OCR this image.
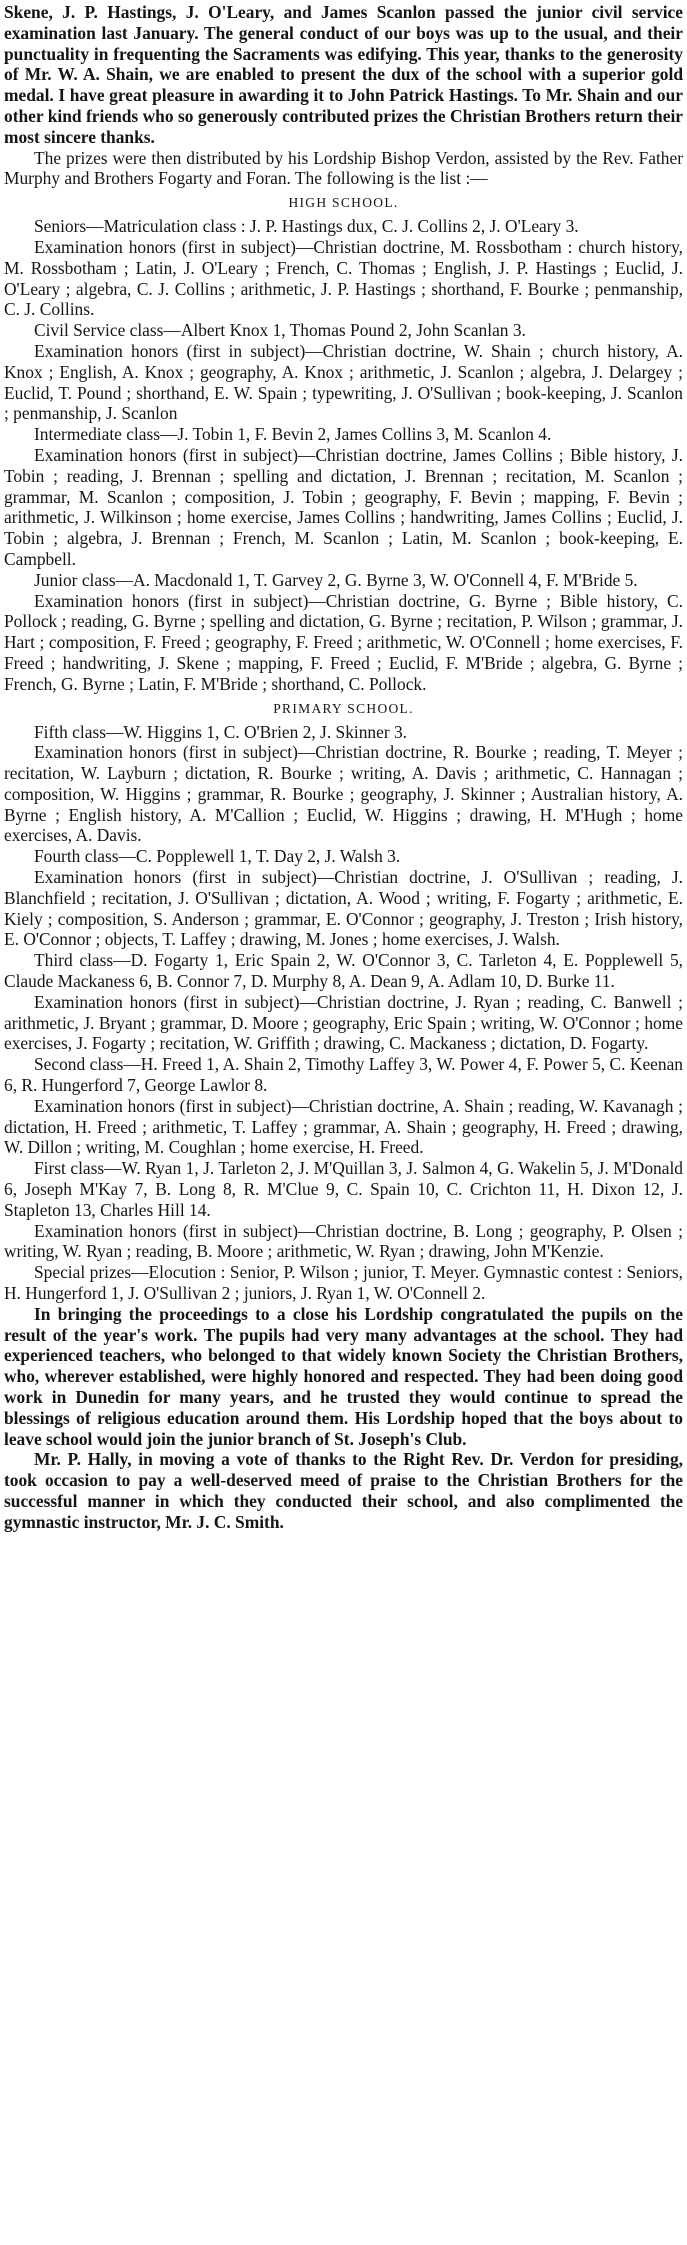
Skene, J. P. Hastings, J. O'Leary, and James Scanlon passed the junior civil service examination last January. The general conduct of our boys was up to the usual, and their punctuality in frequenting the Sacraments was edifying. This year, thanks to the generosity of Mr. W. A. Shain, we are enabled to present the dux of the school with a superior gold medal. I have great pleasure in awarding it to John Patrick Hastings. To Mr. Shain and our other kind friends who so generously contributed prizes the Christian Brothers return their most sincere thanks.

The prizes were then distributed by his Lordship Bishop Verdon, assisted by the Rev. Father Murphy and Brothers Fogarty and Foran. The following is the list :—

HIGH SCHOOL.

Seniors—Matriculation class : J. P. Hastings dux, C. J. Collins 2, J. O'Leary 3.

Examination honors (first in subject)—Christian doctrine, M. Rossbotham : church history, M. Rossbotham ; Latin, J. O'Leary ; French, C. Thomas ; English, J. P. Hastings ; Euclid, J. O'Leary ; algebra, C. J. Collins ; arithmetic, J. P. Hastings ; shorthand, F. Bourke ; penmanship, C. J. Collins.

Civil Service class—Albert Knox 1, Thomas Pound 2, John Scanlan 3.

Examination honors (first in subject)—Christian doctrine, W. Shain ; church history, A. Knox ; English, A. Knox ; geography, A. Knox ; arithmetic, J. Scanlon ; algebra, J. Delargey ; Euclid, T. Pound ; shorthand, E. W. Spain ; typewriting, J. O'Sullivan ; book-keeping, J. Scanlon ; penmanship, J. Scanlon

Intermediate class—J. Tobin 1, F. Bevin 2, James Collins 3, M. Scanlon 4.

Examination honors (first in subject)—Christian doctrine, James Collins ; Bible history, J. Tobin ; reading, J. Brennan ; spelling and dictation, J. Brennan ; recitation, M. Scanlon ; grammar, M. Scanlon ; composition, J. Tobin ; geography, F. Bevin ; mapping, F. Bevin ; arithmetic, J. Wilkinson ; home exercise, James Collins ; handwriting, James Collins ; Euclid, J. Tobin ; algebra, J. Brennan ; French, M. Scanlon ; Latin, M. Scanlon ; book-keeping, E. Campbell.

Junior class—A. Macdonald 1, T. Garvey 2, G. Byrne 3, W. O'Connell 4, F. M'Bride 5.

Examination honors (first in subject)—Christian doctrine, G. Byrne ; Bible history, C. Pollock ; reading, G. Byrne ; spelling and dictation, G. Byrne ; recitation, P. Wilson ; grammar, J. Hart ; composition, F. Freed ; geography, F. Freed ; arithmetic, W. O'Connell ; home exercises, F. Freed ; handwriting, J. Skene ; mapping, F. Freed ; Euclid, F. M'Bride ; algebra, G. Byrne ; French, G. Byrne ; Latin, F. M'Bride ; shorthand, C. Pollock.

PRIMARY SCHOOL.

Fifth class—W. Higgins 1, C. O'Brien 2, J. Skinner 3.

Examination honors (first in subject)—Christian doctrine, R. Bourke ; reading, T. Meyer ; recitation, W. Layburn ; dictation, R. Bourke ; writing, A. Davis ; arithmetic, C. Hannagan ; composition, W. Higgins ; grammar, R. Bourke ; geography, J. Skinner ; Australian history, A. Byrne ; English history, A. M'Callion ; Euclid, W. Higgins ; drawing, H. M'Hugh ; home exercises, A. Davis.

Fourth class—C. Popplewell 1, T. Day 2, J. Walsh 3.

Examination honors (first in subject)—Christian doctrine, J. O'Sullivan ; reading, J. Blanchfield ; recitation, J. O'Sullivan ; dictation, A. Wood ; writing, F. Fogarty ; arithmetic, E. Kiely ; composition, S. Anderson ; grammar, E. O'Connor ; geography, J. Treston ; Irish history, E. O'Connor ; objects, T. Laffey ; drawing, M. Jones ; home exercises, J. Walsh.

Third class—D. Fogarty 1, Eric Spain 2, W. O'Connor 3, C. Tarleton 4, E. Popplewell 5, Claude Mackaness 6, B. Connor 7, D. Murphy 8, A. Dean 9, A. Adlam 10, D. Burke 11.

Examination honors (first in subject)—Christian doctrine, J. Ryan ; reading, C. Banwell ; arithmetic, J. Bryant ; grammar, D. Moore ; geography, Eric Spain ; writing, W. O'Connor ; home exercises, J. Fogarty ; recitation, W. Griffith ; drawing, C. Mackaness ; dictation, D. Fogarty.

Second class—H. Freed 1, A. Shain 2, Timothy Laffey 3, W. Power 4, F. Power 5, C. Keenan 6, R. Hungerford 7, George Lawlor 8.

Examination honors (first in subject)—Christian doctrine, A. Shain ; reading, W. Kavanagh ; dictation, H. Freed ; arithmetic, T. Laffey ; grammar, A. Shain ; geography, H. Freed ; drawing, W. Dillon ; writing, M. Coughlan ; home exercise, H. Freed.

First class—W. Ryan 1, J. Tarleton 2, J. M'Quillan 3, J. Salmon 4, G. Wakelin 5, J. M'Donald 6, Joseph M'Kay 7, B. Long 8, R. M'Clue 9, C. Spain 10, C. Crichton 11, H. Dixon 12, J. Stapleton 13, Charles Hill 14.

Examination honors (first in subject)—Christian doctrine, B. Long ; geography, P. Olsen ; writing, W. Ryan ; reading, B. Moore ; arithmetic, W. Ryan ; drawing, John M'Kenzie.

Special prizes—Elocution : Senior, P. Wilson ; junior, T. Meyer. Gymnastic contest : Seniors, H. Hungerford 1, J. O'Sullivan 2 ; juniors, J. Ryan 1, W. O'Connell 2.

In bringing the proceedings to a close his Lordship congratulated the pupils on the result of the year's work. The pupils had very many advantages at the school. They had experienced teachers, who belonged to that widely known Society the Christian Brothers, who, wherever established, were highly honored and respected. They had been doing good work in Dunedin for many years, and he trusted they would continue to spread the blessings of religious education around them. His Lordship hoped that the boys about to leave school would join the junior branch of St. Joseph's Club.

Mr. P. Hally, in moving a vote of thanks to the Right Rev. Dr. Verdon for presiding, took occasion to pay a well-deserved meed of praise to the Christian Brothers for the successful manner in which they conducted their school, and also complimented the gymnastic instructor, Mr. J. C. Smith.
